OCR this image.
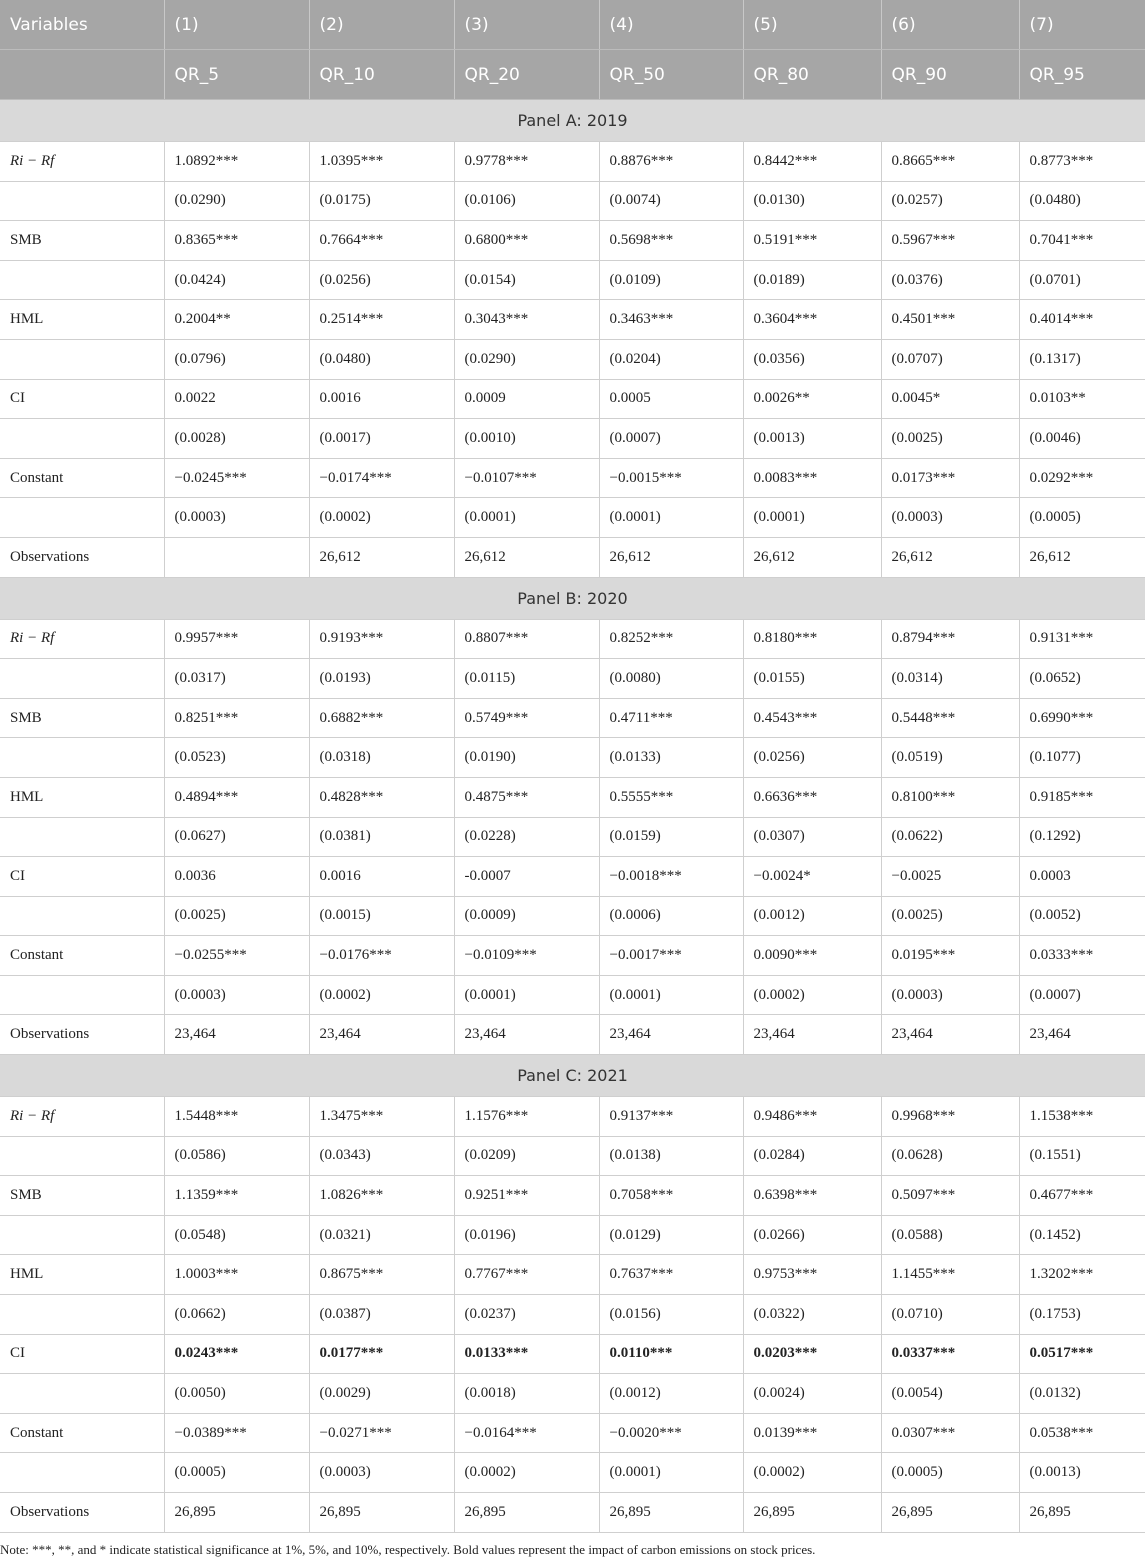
Variables	(1)	(2)	(3)	(4)	(5)	(6)	(7)
	QR_5	QR_10	QR_20	QR_50	QR_80	QR_90	QR_95
Panel A: 2019							
Ri − Rf	1.0892***	1.0395***	0.9778***	0.8876***	0.8442***	0.8665***	0.8773***
	(0.0290)	(0.0175)	(0.0106)	(0.0074)	(0.0130)	(0.0257)	(0.0480)
SMB	0.8365***	0.7664***	0.6800***	0.5698***	0.5191***	0.5967***	0.7041***
	(0.0424)	(0.0256)	(0.0154)	(0.0109)	(0.0189)	(0.0376)	(0.0701)
HML	0.2004**	0.2514***	0.3043***	0.3463***	0.3604***	0.4501***	0.4014***
	(0.0796)	(0.0480)	(0.0290)	(0.0204)	(0.0356)	(0.0707)	(0.1317)
CI	0.0022	0.0016	0.0009	0.0005	0.0026**	0.0045*	0.0103**
	(0.0028)	(0.0017)	(0.0010)	(0.0007)	(0.0013)	(0.0025)	(0.0046)
Constant	−0.0245***	−0.0174***	−0.0107***	−0.0015***	0.0083***	0.0173***	0.0292***
	(0.0003)	(0.0002)	(0.0001)	(0.0001)	(0.0001)	(0.0003)	(0.0005)
Observations		26,612	26,612	26,612	26,612	26,612	26,612
Panel B: 2020							
Ri − Rf	0.9957***	0.9193***	0.8807***	0.8252***	0.8180***	0.8794***	0.9131***
	(0.0317)	(0.0193)	(0.0115)	(0.0080)	(0.0155)	(0.0314)	(0.0652)
SMB	0.8251***	0.6882***	0.5749***	0.4711***	0.4543***	0.5448***	0.6990***
	(0.0523)	(0.0318)	(0.0190)	(0.0133)	(0.0256)	(0.0519)	(0.1077)
HML	0.4894***	0.4828***	0.4875***	0.5555***	0.6636***	0.8100***	0.9185***
	(0.0627)	(0.0381)	(0.0228)	(0.0159)	(0.0307)	(0.0622)	(0.1292)
CI	0.0036	0.0016	-0.0007	−0.0018***	−0.0024*	−0.0025	0.0003
	(0.0025)	(0.0015)	(0.0009)	(0.0006)	(0.0012)	(0.0025)	(0.0052)
Constant	−0.0255***	−0.0176***	−0.0109***	−0.0017***	0.0090***	0.0195***	0.0333***
	(0.0003)	(0.0002)	(0.0001)	(0.0001)	(0.0002)	(0.0003)	(0.0007)
Observations	23,464	23,464	23,464	23,464	23,464	23,464	23,464
Panel C: 2021							
Ri − Rf	1.5448***	1.3475***	1.1576***	0.9137***	0.9486***	0.9968***	1.1538***
	(0.0586)	(0.0343)	(0.0209)	(0.0138)	(0.0284)	(0.0628)	(0.1551)
SMB	1.1359***	1.0826***	0.9251***	0.7058***	0.6398***	0.5097***	0.4677***
	(0.0548)	(0.0321)	(0.0196)	(0.0129)	(0.0266)	(0.0588)	(0.1452)
HML	1.0003***	0.8675***	0.7767***	0.7637***	0.9753***	1.1455***	1.3202***
	(0.0662)	(0.0387)	(0.0237)	(0.0156)	(0.0322)	(0.0710)	(0.1753)
CI	0.0243***	0.0177***	0.0133***	0.0110***	0.0203***	0.0337***	0.0517***
	(0.0050)	(0.0029)	(0.0018)	(0.0012)	(0.0024)	(0.0054)	(0.0132)
Constant	−0.0389***	−0.0271***	−0.0164***	−0.0020***	0.0139***	0.0307***	0.0538***
	(0.0005)	(0.0003)	(0.0002)	(0.0001)	(0.0002)	(0.0005)	(0.0013)
Observations	26,895	26,895	26,895	26,895	26,895	26,895	26,895
Note: ***, **, and * indicate statistical significance at 1%, 5%, and 10%, respectively. Bold values represent the impact of carbon emissions on stock prices.
